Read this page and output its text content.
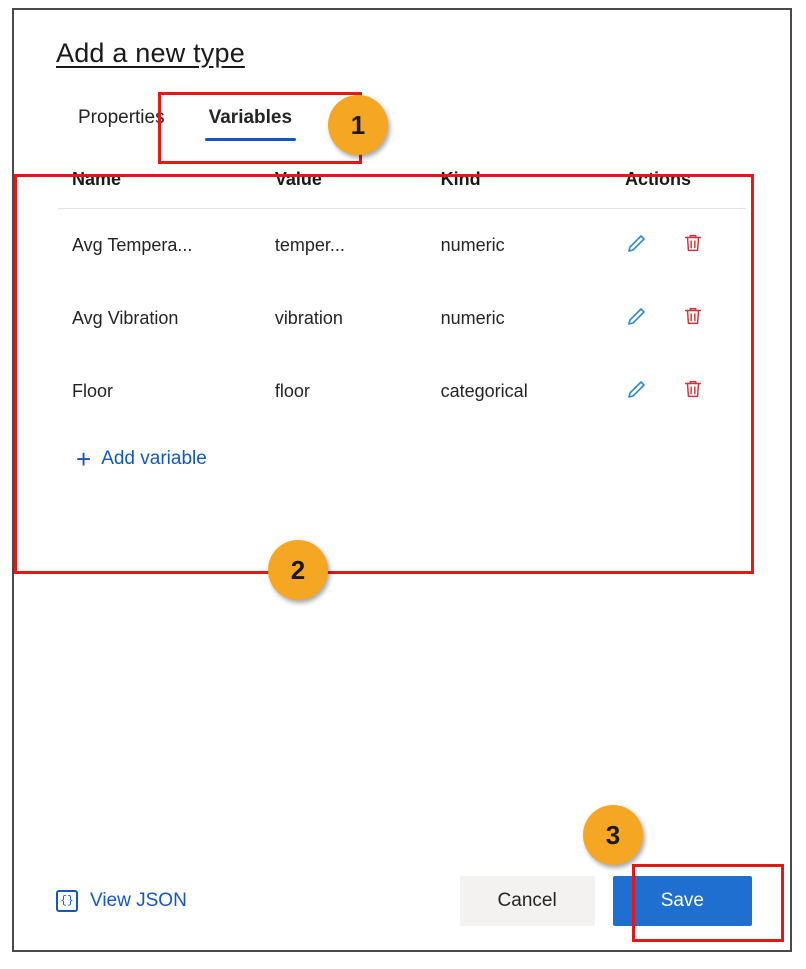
Add a new type
Properties	Variables
Name	Value	Kind	Actions
Avg Tempera...	temper...	numeric	
Avg Vibration	vibration	numeric	
Floor	floor	categorical	
+ Add variable
{} View JSON	Cancel	Save
1
2
3
